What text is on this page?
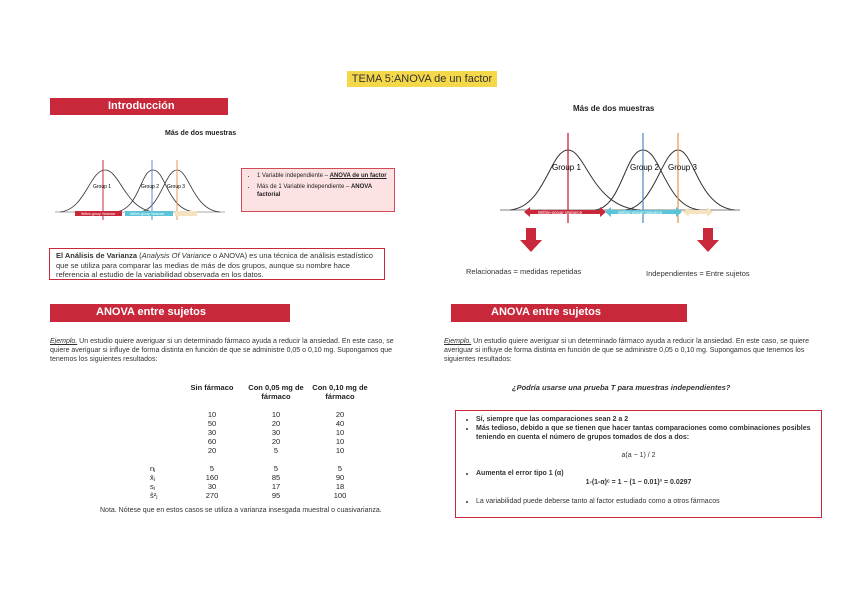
TEMA 5:ANOVA de un factor
Introducción
Más de dos muestras
Group 1	Group 2 Group 3
Within-group Variance	Within-group Variance
• 1 Variable independiente – ANOVA de un factor
• Más de 1 Variable independiente – ANOVA factorial
El Análisis de Varianza (Analysis Of Variance o ANOVA) es una técnica de análisis estadístico que se utiliza para comparar las medias de más de dos grupos, aunque su nombre hace referencia al estudio de la variabilidad observada en los datos.
ANOVA entre sujetos
Ejemplo. Un estudio quiere averiguar si un determinado fármaco ayuda a reducir la ansiedad. En este caso, se quiere averiguar si influye de forma distinta en función de que se administre 0,05 o 0,10 mg. Supongamos que tenemos los siguientes resultados:
	Sin fármaco	Con 0,05 mg de fármaco	Con 0,10 mg de fármaco

	10	10	20
	50	20	40
	30	30	10
	60	20	10
	20	5	10

nⱼ	5	5	5
x̄ⱼ	160	85	90
sⱼ	30	17	18
ŝ²ⱼ	270	95	100
Nota. Nótese que en estos casos se utiliza a varianza insesgada muestral o cuasivarianza.
Más de dos muestras
Group 1	Group 2 Group 3
Within-group Variance	Within-group Variance
Relacionadas = medidas repetidas	Independientes = Entre sujetos
ANOVA entre sujetos
Ejemplo. Un estudio quiere averiguar si un determinado fármaco ayuda a reducir la ansiedad. En este caso, se quiere averiguar si influye de forma distinta en función de que se administre 0,05 o 0,10 mg. Supongamos que tenemos los siguientes resultados:
¿Podría usarse una prueba T para muestras independientes?
• Sí, siempre que las comparaciones sean 2 a 2
• Más tedioso, debido a que se tienen que hacer tantas comparaciones como combinaciones posibles teniendo en cuenta el número de grupos tomados de dos a dos:
a(a − 1) / 2
• Aumenta el error tipo 1 (α)
1-(1-α)ᶜ = 1 − (1 − 0.01)³ = 0.0297
• La variabilidad puede deberse tanto al factor estudiado como a otros fármacos
